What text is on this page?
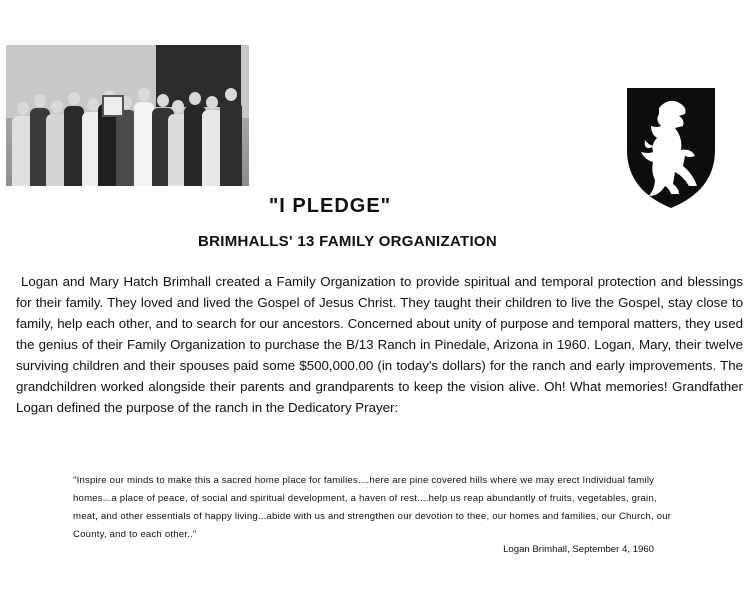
"I PLEDGE"
BRIMHALLS' 13 FAMILY ORGANIZATION

Logan and Mary Hatch Brimhall created a Family Organization to provide spiritual and temporal protection and blessings for their family. They loved and lived the Gospel of Jesus Christ. They taught their children to live the Gospel, stay close to family, help each other, and to search for our ancestors. Concerned about unity of purpose and temporal matters, they used the genius of their Family Organization to purchase the B/13 Ranch in Pinedale, Arizona in 1960. Logan, Mary, their twelve surviving children and their spouses paid some $500,000.00 (in today's dollars) for the ranch and early improvements. The grandchildren worked alongside their parents and grandparents to keep the vision alive. Oh! What memories! Grandfather Logan defined the purpose of the ranch in the Dedicatory Prayer:

"Inspire our minds to make this a sacred home place for families....here are pine covered hills where we may erect Individual family homes...a place of peace, of social and spiritual development, a haven of rest....help us reap abundantly of fruits, vegetables, grain, meat, and other essentials of happy living...abide with us and strengthen our devotion to thee, our homes and families, our Church, our County, and to each other.."

Logan Brimhall, September 4, 1960
